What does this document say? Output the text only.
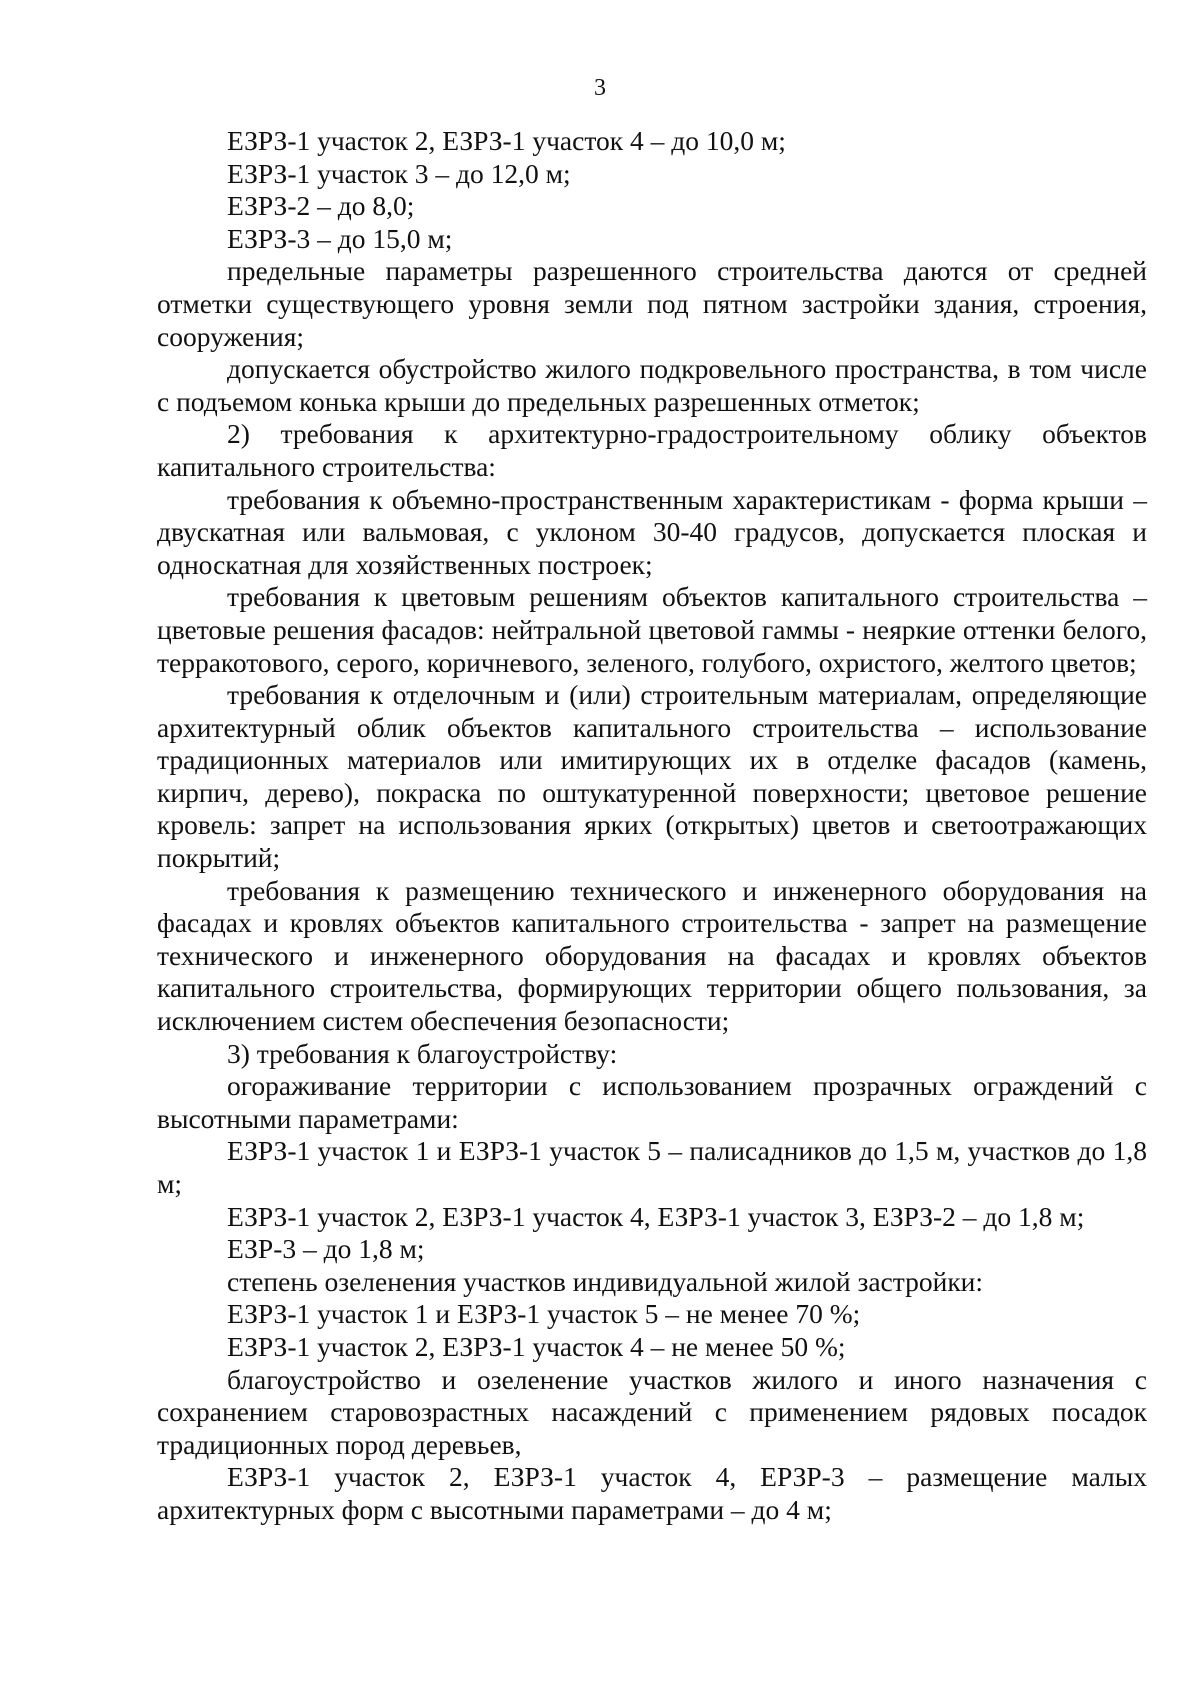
3

ЕЗРЗ-1 участок 2, ЕЗРЗ-1 участок 4 – до 10,0 м;

ЕЗРЗ-1 участок 3 – до 12,0 м;

ЕЗРЗ-2 – до 8,0;

ЕЗРЗ-3 – до 15,0 м;

предельные параметры разрешенного строительства даются от средней отметки существующего уровня земли под пятном застройки здания, строения, сооружения;

допускается обустройство жилого подкровельного пространства, в том числе с подъемом конька крыши до предельных разрешенных отметок;

2) требования к архитектурно-градостроительному облику объектов капитального строительства:

требования к объемно-пространственным характеристикам - форма крыши – двускатная или вальмовая, с уклоном 30-40 градусов, допускается плоская и односкатная для хозяйственных построек;

требования к цветовым решениям объектов капитального строительства – цветовые решения фасадов: нейтральной цветовой гаммы - неяркие оттенки белого, терракотового, серого, коричневого, зеленого, голубого, охристого, желтого цветов;

требования к отделочным и (или) строительным материалам, определяющие архитектурный облик объектов капитального строительства – использование традиционных материалов или имитирующих их в отделке фасадов (камень, кирпич, дерево), покраска по оштукатуренной поверхности; цветовое решение кровель: запрет на использования ярких (открытых) цветов и светоотражающих покрытий;

требования к размещению технического и инженерного оборудования на фасадах и кровлях объектов капитального строительства - запрет на размещение технического и инженерного оборудования на фасадах и кровлях объектов капитального строительства, формирующих территории общего пользования, за исключением систем обеспечения безопасности;

3) требования к благоустройству:

огораживание территории с использованием прозрачных ограждений с высотными параметрами:

ЕЗРЗ-1 участок 1 и ЕЗРЗ-1 участок 5 – палисадников до 1,5 м, участков до 1,8 м;

ЕЗРЗ-1 участок 2, ЕЗРЗ-1 участок 4, ЕЗРЗ-1 участок 3, ЕЗРЗ-2 – до 1,8 м;

ЕЗР-3 – до 1,8 м;

степень озеленения участков индивидуальной жилой застройки:

ЕЗРЗ-1 участок 1 и ЕЗРЗ-1 участок 5 – не менее 70 %;

ЕЗРЗ-1 участок 2, ЕЗРЗ-1 участок 4 – не менее 50 %;

благоустройство и озеленение участков жилого и иного назначения с сохранением старовозрастных насаждений с применением рядовых посадок традиционных пород деревьев,

ЕЗРЗ-1 участок 2, ЕЗРЗ-1 участок 4, ЕРЗР-3 – размещение малых архитектурных форм с высотными параметрами – до 4 м;
